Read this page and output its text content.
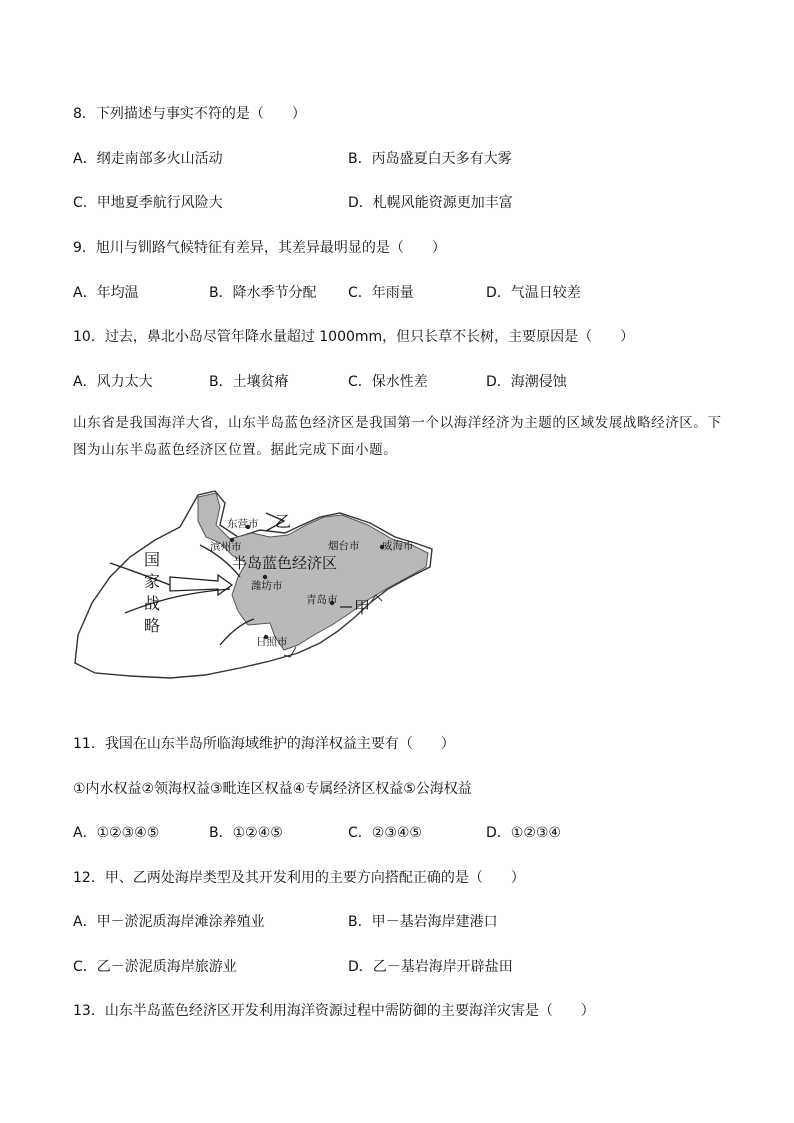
8．下列描述与事实不符的是（　　）
A．纲走南部多火山活动	B．丙岛盛夏白天多有大雾
C．甲地夏季航行风险大	D．札幌风能资源更加丰富
9．旭川与钏路气候特征有差异，其差异最明显的是（　　）
A．年均温	B．降水季节分配 C．年雨量	D．气温日较差
10．过去，鼻北小岛尽管年降水量超过 1000mm，但只长草不长树，主要原因是（　　）
A．风力太大	B．土壤贫瘠	C．保水性差	D．海潮侵蚀
山东省是我国海洋大省，山东半岛蓝色经济区是我国第一个以海洋经济为主题的区域发展战略经济区。下
图为山东半岛蓝色经济区位置。据此完成下面小题。
东营市
滨州市	烟台市 威海市
潍坊市
青岛市
日照市
半岛蓝色经济区
国
家
战
略
乙
甲
11．我国在山东半岛所临海域维护的海洋权益主要有（　　）
①内水权益②领海权益③毗连区权益④专属经济区权益⑤公海权益
A．①②③④⑤	B．①②④⑤	C．②③④⑤	D．①②③④
12．甲、乙两处海岸类型及其开发利用的主要方向搭配正确的是（　　）
A．甲－淤泥质海岸滩涂养殖业	B．甲－基岩海岸建港口
C．乙－淤泥质海岸旅游业	D．乙－基岩海岸开辟盐田
13．山东半岛蓝色经济区开发利用海洋资源过程中需防御的主要海洋灾害是（　　）
